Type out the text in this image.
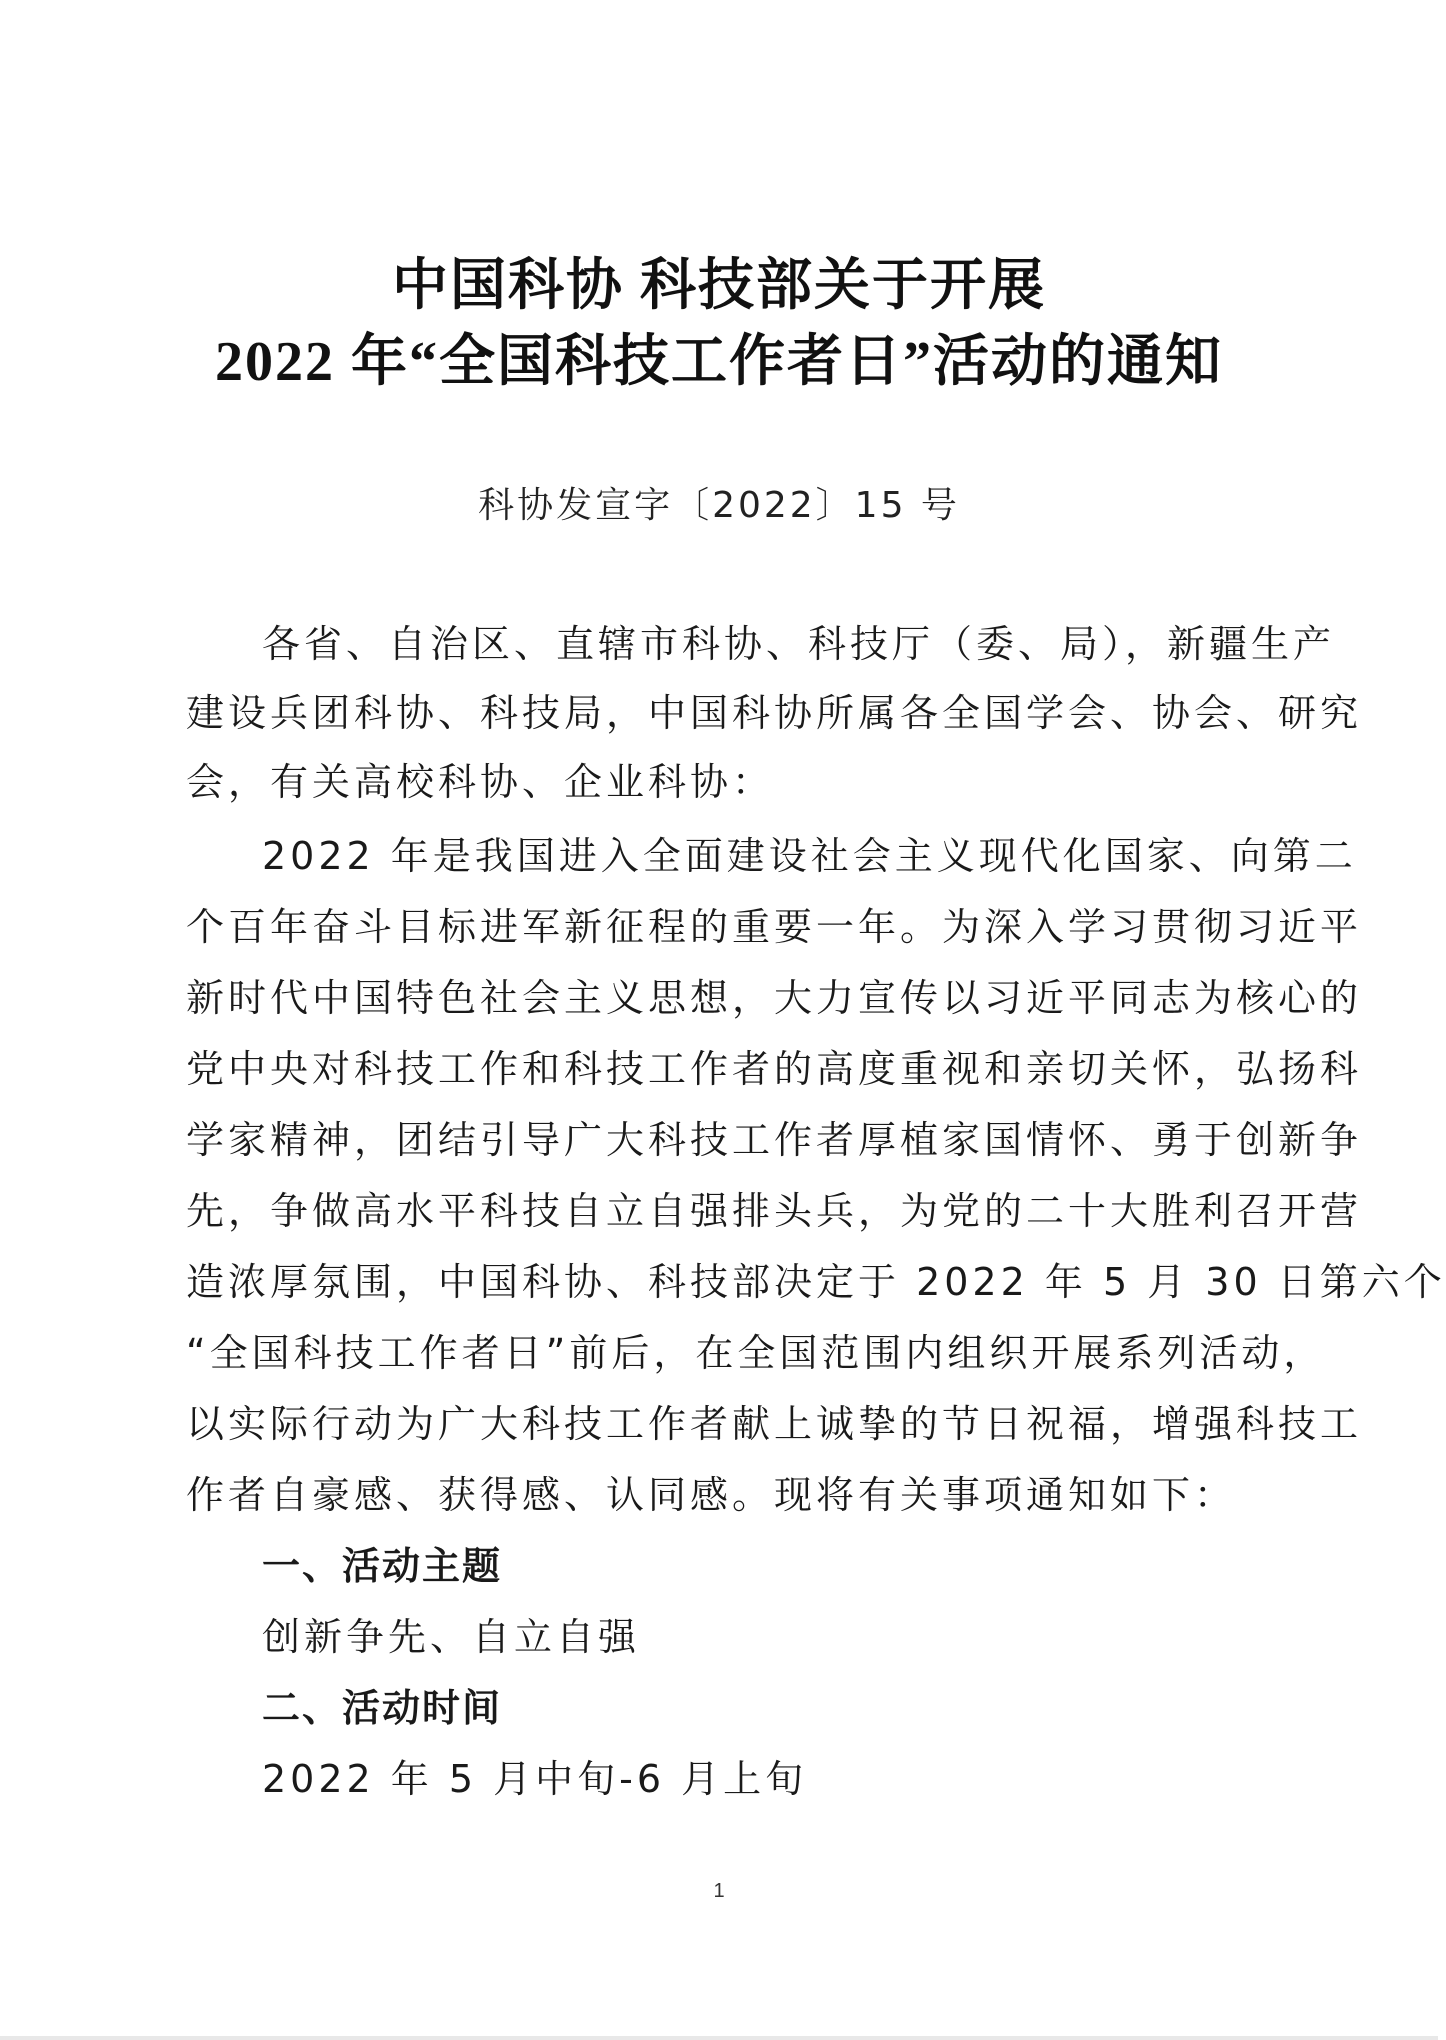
中国科协 科技部关于开展
2022 年“全国科技工作者日”活动的通知
科协发宣字〔2022〕15 号
各省、自治区、直辖市科协、科技厅（委、局），新疆生产
建设兵团科协、科技局，中国科协所属各全国学会、协会、研究
会，有关高校科协、企业科协：
2022 年是我国进入全面建设社会主义现代化国家、向第二
个百年奋斗目标进军新征程的重要一年。为深入学习贯彻习近平
新时代中国特色社会主义思想，大力宣传以习近平同志为核心的
党中央对科技工作和科技工作者的高度重视和亲切关怀，弘扬科
学家精神，团结引导广大科技工作者厚植家国情怀、勇于创新争
先，争做高水平科技自立自强排头兵，为党的二十大胜利召开营
造浓厚氛围，中国科协、科技部决定于 2022 年 5 月 30 日第六个
“全国科技工作者日”前后，在全国范围内组织开展系列活动，
以实际行动为广大科技工作者献上诚挚的节日祝福，增强科技工
作者自豪感、获得感、认同感。现将有关事项通知如下：
一、活动主题
创新争先、自立自强
二、活动时间
2022 年 5 月中旬-6 月上旬
1
